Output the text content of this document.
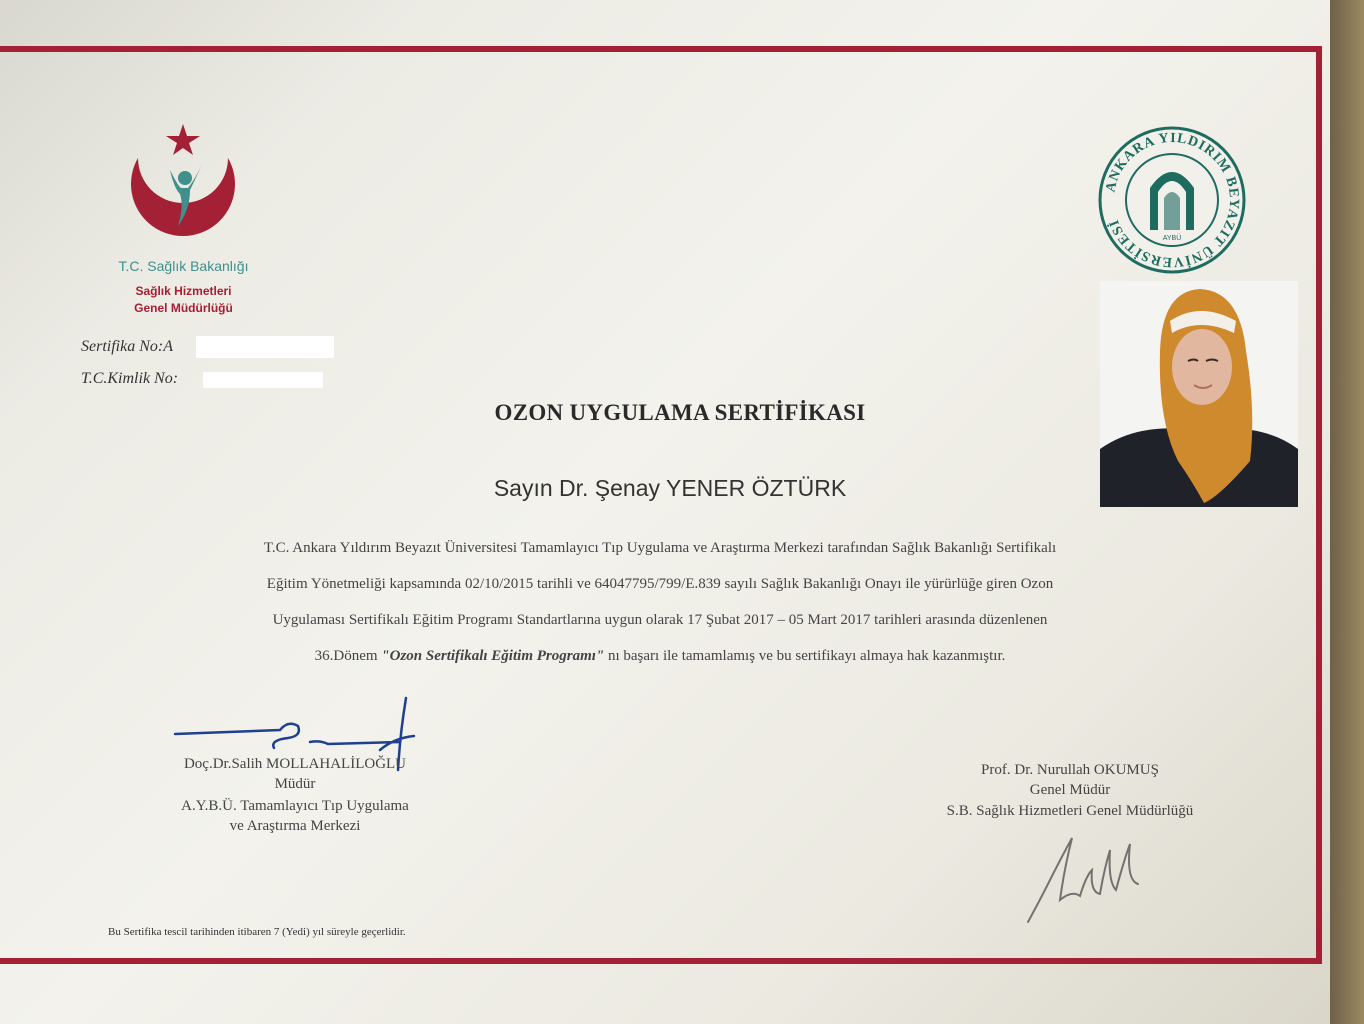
T.C. Sağlık Bakanlığı
Sağlık Hizmetleri
Genel Müdürlüğü
ANKARA YILDIRIM BEYAZIT ÜNİVERSİTESİ
AYBÜ
Sertifika No:A
T.C.Kimlik No:
OZON UYGULAMA SERTİFİKASI
Sayın Dr. Şenay YENER ÖZTÜRK
T.C. Ankara Yıldırım Beyazıt Üniversitesi Tamamlayıcı Tıp Uygulama ve Araştırma Merkezi tarafından Sağlık Bakanlığı Sertifikalı
Eğitim Yönetmeliği kapsamında 02/10/2015 tarihli ve 64047795/799/E.839 sayılı Sağlık Bakanlığı Onayı ile yürürlüğe giren Ozon
Uygulaması Sertifikalı Eğitim Programı Standartlarına uygun olarak 17 Şubat 2017 – 05 Mart 2017 tarihleri arasında düzenlenen
36.Dönem "Ozon Sertifikalı Eğitim Programı" nı başarı ile tamamlamış ve bu sertifikayı almaya hak kazanmıştır.
Doç.Dr.Salih MOLLAHALİLOĞLU
Müdür
A.Y.B.Ü. Tamamlayıcı Tıp Uygulama
ve Araştırma Merkezi
Prof. Dr. Nurullah OKUMUŞ
Genel Müdür
S.B. Sağlık Hizmetleri Genel Müdürlüğü
Bu Sertifika tescil tarihinden itibaren 7 (Yedi) yıl süreyle geçerlidir.
